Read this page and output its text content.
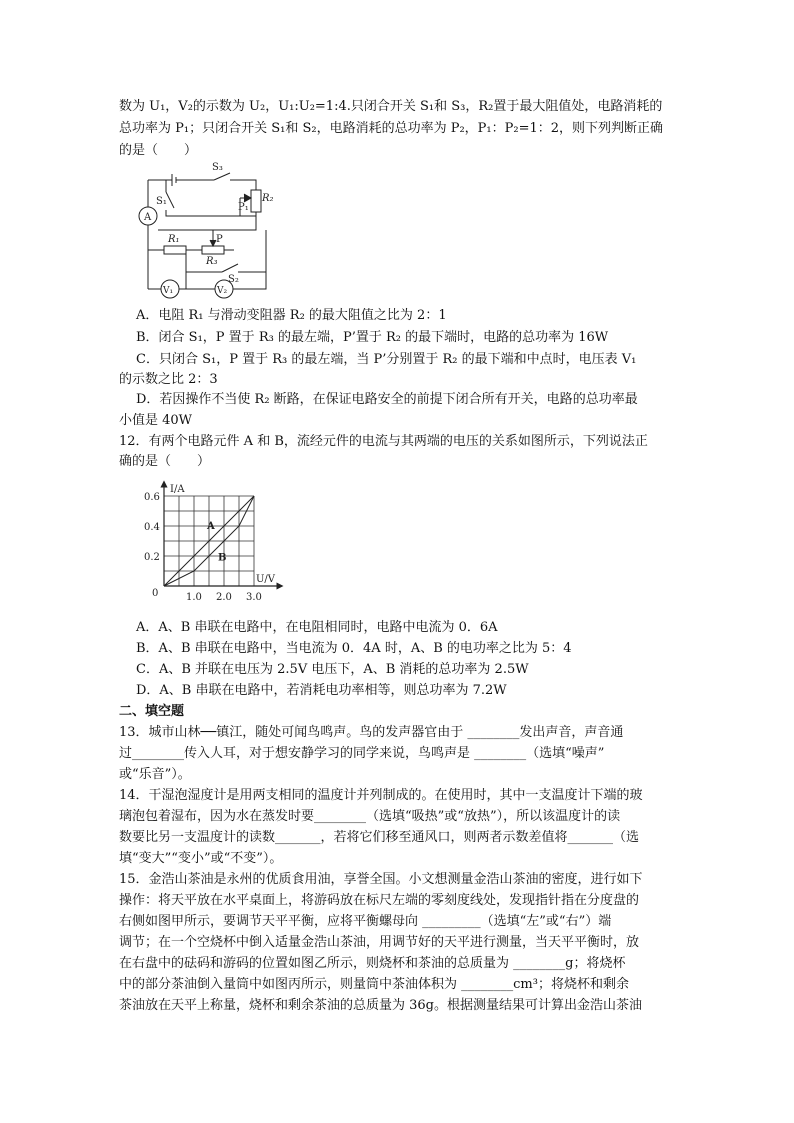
数为 U₁，V₂的示数为 U₂，U₁:U₂=1:4.只闭合开关 S₁和 S₃，R₂置于最大阻值处，电路消耗的
总功率为 P₁；只闭合开关 S₁和 S₂，电路消耗的总功率为 P₂，P₁：P₂=1：2，则下列判断正确
的是（　　）
S₃
S₁	R₂
P₁
A
R₁	P
R₃
S₂
V₁	V₂
A．电阻 R₁ 与滑动变阻器 R₂ 的最大阻值之比为 2：1
B．闭合 S₁，P 置于 R₃ 的最左端，P’置于 R₂ 的最下端时，电路的总功率为 16W
C．只闭合 S₁，P 置于 R₃ 的最左端，当 P’分别置于 R₂ 的最下端和中点时，电压表 V₁
的示数之比 2：3
D．若因操作不当使 R₂ 断路，在保证电路安全的前提下闭合所有开关，电路的总功率最
小值是 40W
12．有两个电路元件 A 和 B，流经元件的电流与其两端的电压的关系如图所示，下列说法正
确的是（　　）
A
B
1.0 2.0 3.0
0.2
0.4
0.6
0
U/V
I/A
A．A、B 串联在电路中，在电阻相同时，电路中电流为 0．6A
B．A、B 串联在电路中，当电流为 0．4A 时，A、B 的电功率之比为 5：4
C．A、B 并联在电压为 2.5V 电压下，A、B 消耗的总功率为 2.5W
D．A、B 串联在电路中，若消耗电功率相等，则总功率为 7.2W
二、填空题
13．城市山林──镇江，随处可闻鸟鸣声。鸟的发声器官由于 ________发出声音，声音通
过________传入人耳，对于想安静学习的同学来说，鸟鸣声是 ________（选填“噪声”
或“乐音”）。
14．干湿泡湿度计是用两支相同的温度计并列制成的。在使用时，其中一支温度计下端的玻
璃泡包着湿布，因为水在蒸发时要________（选填“吸热”或“放热”），所以该温度计的读
数要比另一支温度计的读数_______，若将它们移至通风口，则两者示数差值将_______（选
填“变大”“变小”或“不变”）。
15．金浩山茶油是永州的优质食用油，享誉全国。小文想测量金浩山茶油的密度，进行如下
操作：将天平放在水平桌面上，将游码放在标尺左端的零刻度线处，发现指针指在分度盘的
右侧如图甲所示，要调节天平平衡，应将平衡螺母向 _________（选填“左”或“右”）端
调节；在一个空烧杯中倒入适量金浩山茶油，用调节好的天平进行测量，当天平平衡时，放
在右盘中的砝码和游码的位置如图乙所示，则烧杯和茶油的总质量为 ________g；将烧杯
中的部分茶油倒入量筒中如图丙所示，则量筒中茶油体积为 ________cm³；将烧杯和剩余
茶油放在天平上称量，烧杯和剩余茶油的总质量为 36g。根据测量结果可计算出金浩山茶油
